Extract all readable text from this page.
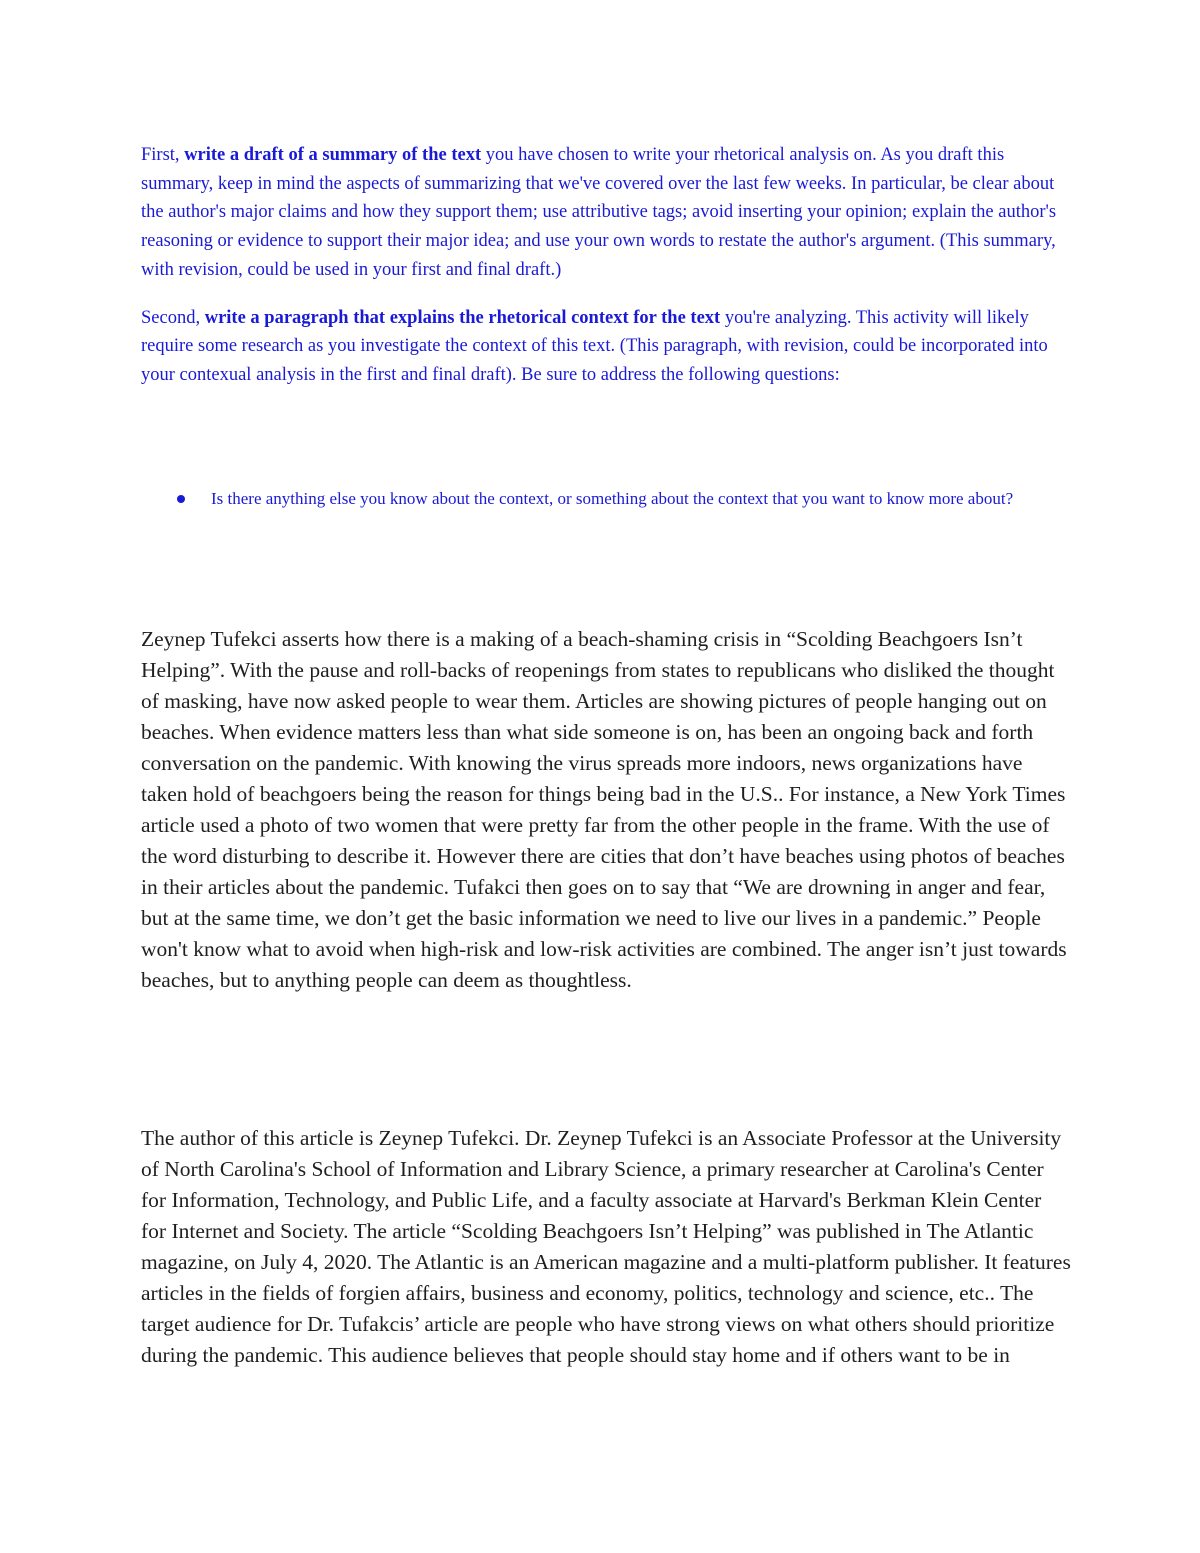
First, write a draft of a summary of the text you have chosen to write your rhetorical analysis on. As you draft this summary, keep in mind the aspects of summarizing that we've covered over the last few weeks. In particular, be clear about the author's major claims and how they support them; use attributive tags; avoid inserting your opinion; explain the author's reasoning or evidence to support their major idea; and use your own words to restate the author's argument. (This summary, with revision, could be used in your first and final draft.)

Second, write a paragraph that explains the rhetorical context for the text you're analyzing. This activity will likely require some research as you investigate the context of this text. (This paragraph, with revision, could be incorporated into your contexual analysis in the first and final draft). Be sure to address the following questions:

Is there anything else you know about the context, or something about the context that you want to know more about?

Zeynep Tufekci asserts how there is a making of a beach-shaming crisis in “Scolding Beachgoers Isn’t Helping”. With the pause and roll-backs of reopenings from states to republicans who disliked the thought of masking, have now asked people to wear them. Articles are showing pictures of people hanging out on beaches. When evidence matters less than what side someone is on, has been an ongoing back and forth conversation on the pandemic. With knowing the virus spreads more indoors, news organizations have taken hold of beachgoers being the reason for things being bad in the U.S.. For instance, a New York Times article used a photo of two women that were pretty far from the other people in the frame. With the use of the word disturbing to describe it. However there are cities that don’t have beaches using photos of beaches in their articles about the pandemic. Tufakci then goes on to say that “We are drowning in anger and fear, but at the same time, we don’t get the basic information we need to live our lives in a pandemic.” People won't know what to avoid when high-risk and low-risk activities are combined. The anger isn’t just towards beaches, but to anything people can deem as thoughtless.

The author of this article is Zeynep Tufekci. Dr. Zeynep Tufekci is an Associate Professor at the University of North Carolina's School of Information and Library Science, a primary researcher at Carolina's Center for Information, Technology, and Public Life, and a faculty associate at Harvard's Berkman Klein Center for Internet and Society. The article “Scolding Beachgoers Isn’t Helping” was published in The Atlantic magazine, on July 4, 2020. The Atlantic is an American magazine and a multi-platform publisher. It features articles in the fields of forgien affairs, business and economy, politics, technology and science, etc.. The target audience for Dr. Tufakcis’ article are people who have strong views on what others should prioritize during the pandemic. This audience believes that people should stay home and if others want to be in
